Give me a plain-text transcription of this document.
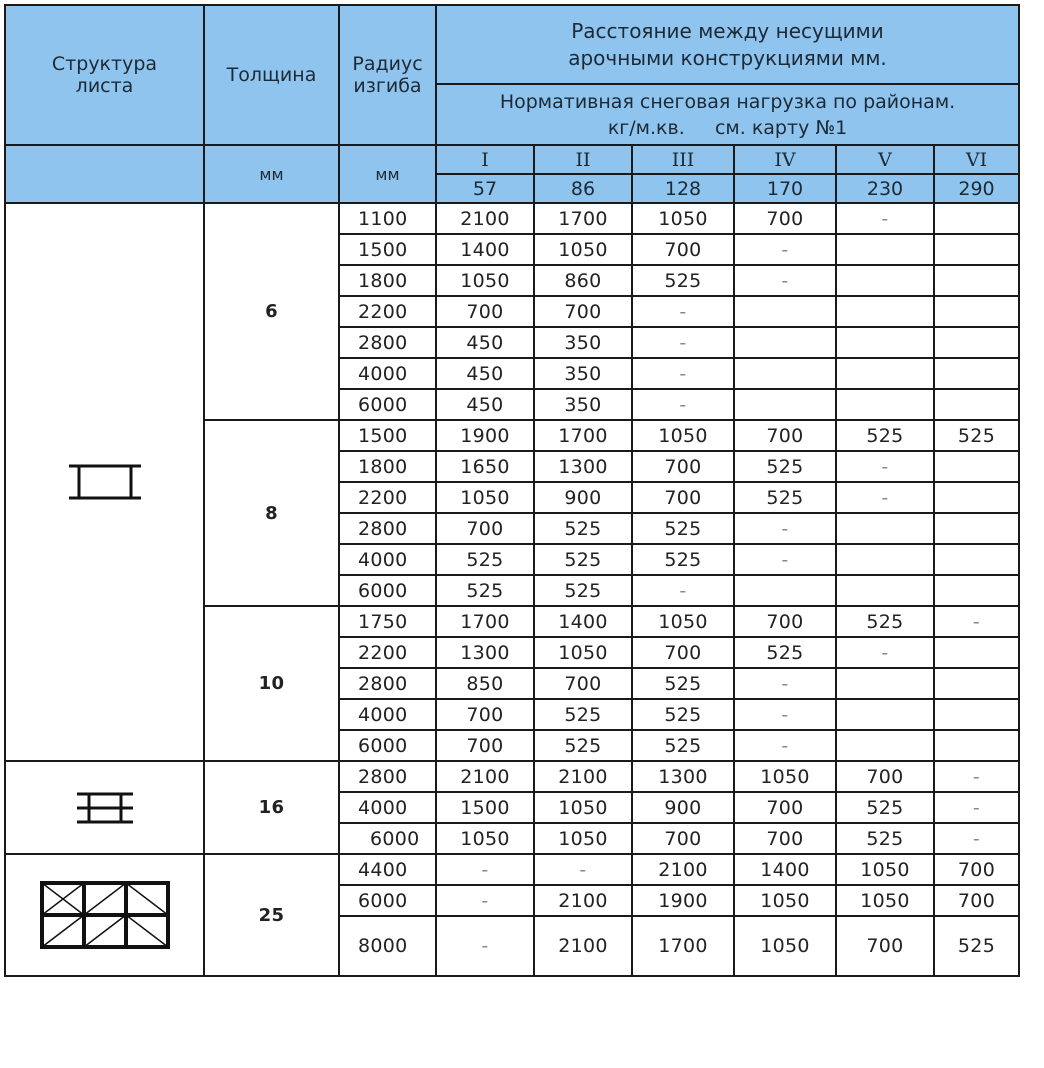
Структура листа	Толщина	Радиус изгиба	Расстояние между несущими арочными конструкциями мм.					

			Нормативная снеговая нагрузка по районам.
кг/м.кв.     см. карту №1					

	мм	мм	I	II	III	IV	V	VI
			57	86	128	170	230	290

	6	1100	2100	1700	1050	700	-	
		1500	1400	1050	700	-		
		1800	1050	860	525	-		
		2200	700	700	-			
		2800	450	350	-			
		4000	450	350	-			
		6000	450	350	-			
	8	1500	1900	1700	1050	700	525	525
		1800	1650	1300	700	525	-	
		2200	1050	900	700	525	-	
		2800	700	525	525	-		
		4000	525	525	525	-		
		6000	525	525	-			
	10	1750	1700	1400	1050	700	525	-
		2200	1300	1050	700	525	-	
		2800	850	700	525	-		
		4000	700	525	525	-		
		6000	700	525	525	-		

	16	2800	2100	2100	1300	1050	700	-
		4000	1500	1050	900	700	525	-
		6000	1050	1050	700	700	525	-

	25	4400	-	-	2100	1400	1050	700
		6000	-	2100	1900	1050	1050	700
		8000	-	2100	1700	1050	700	525
